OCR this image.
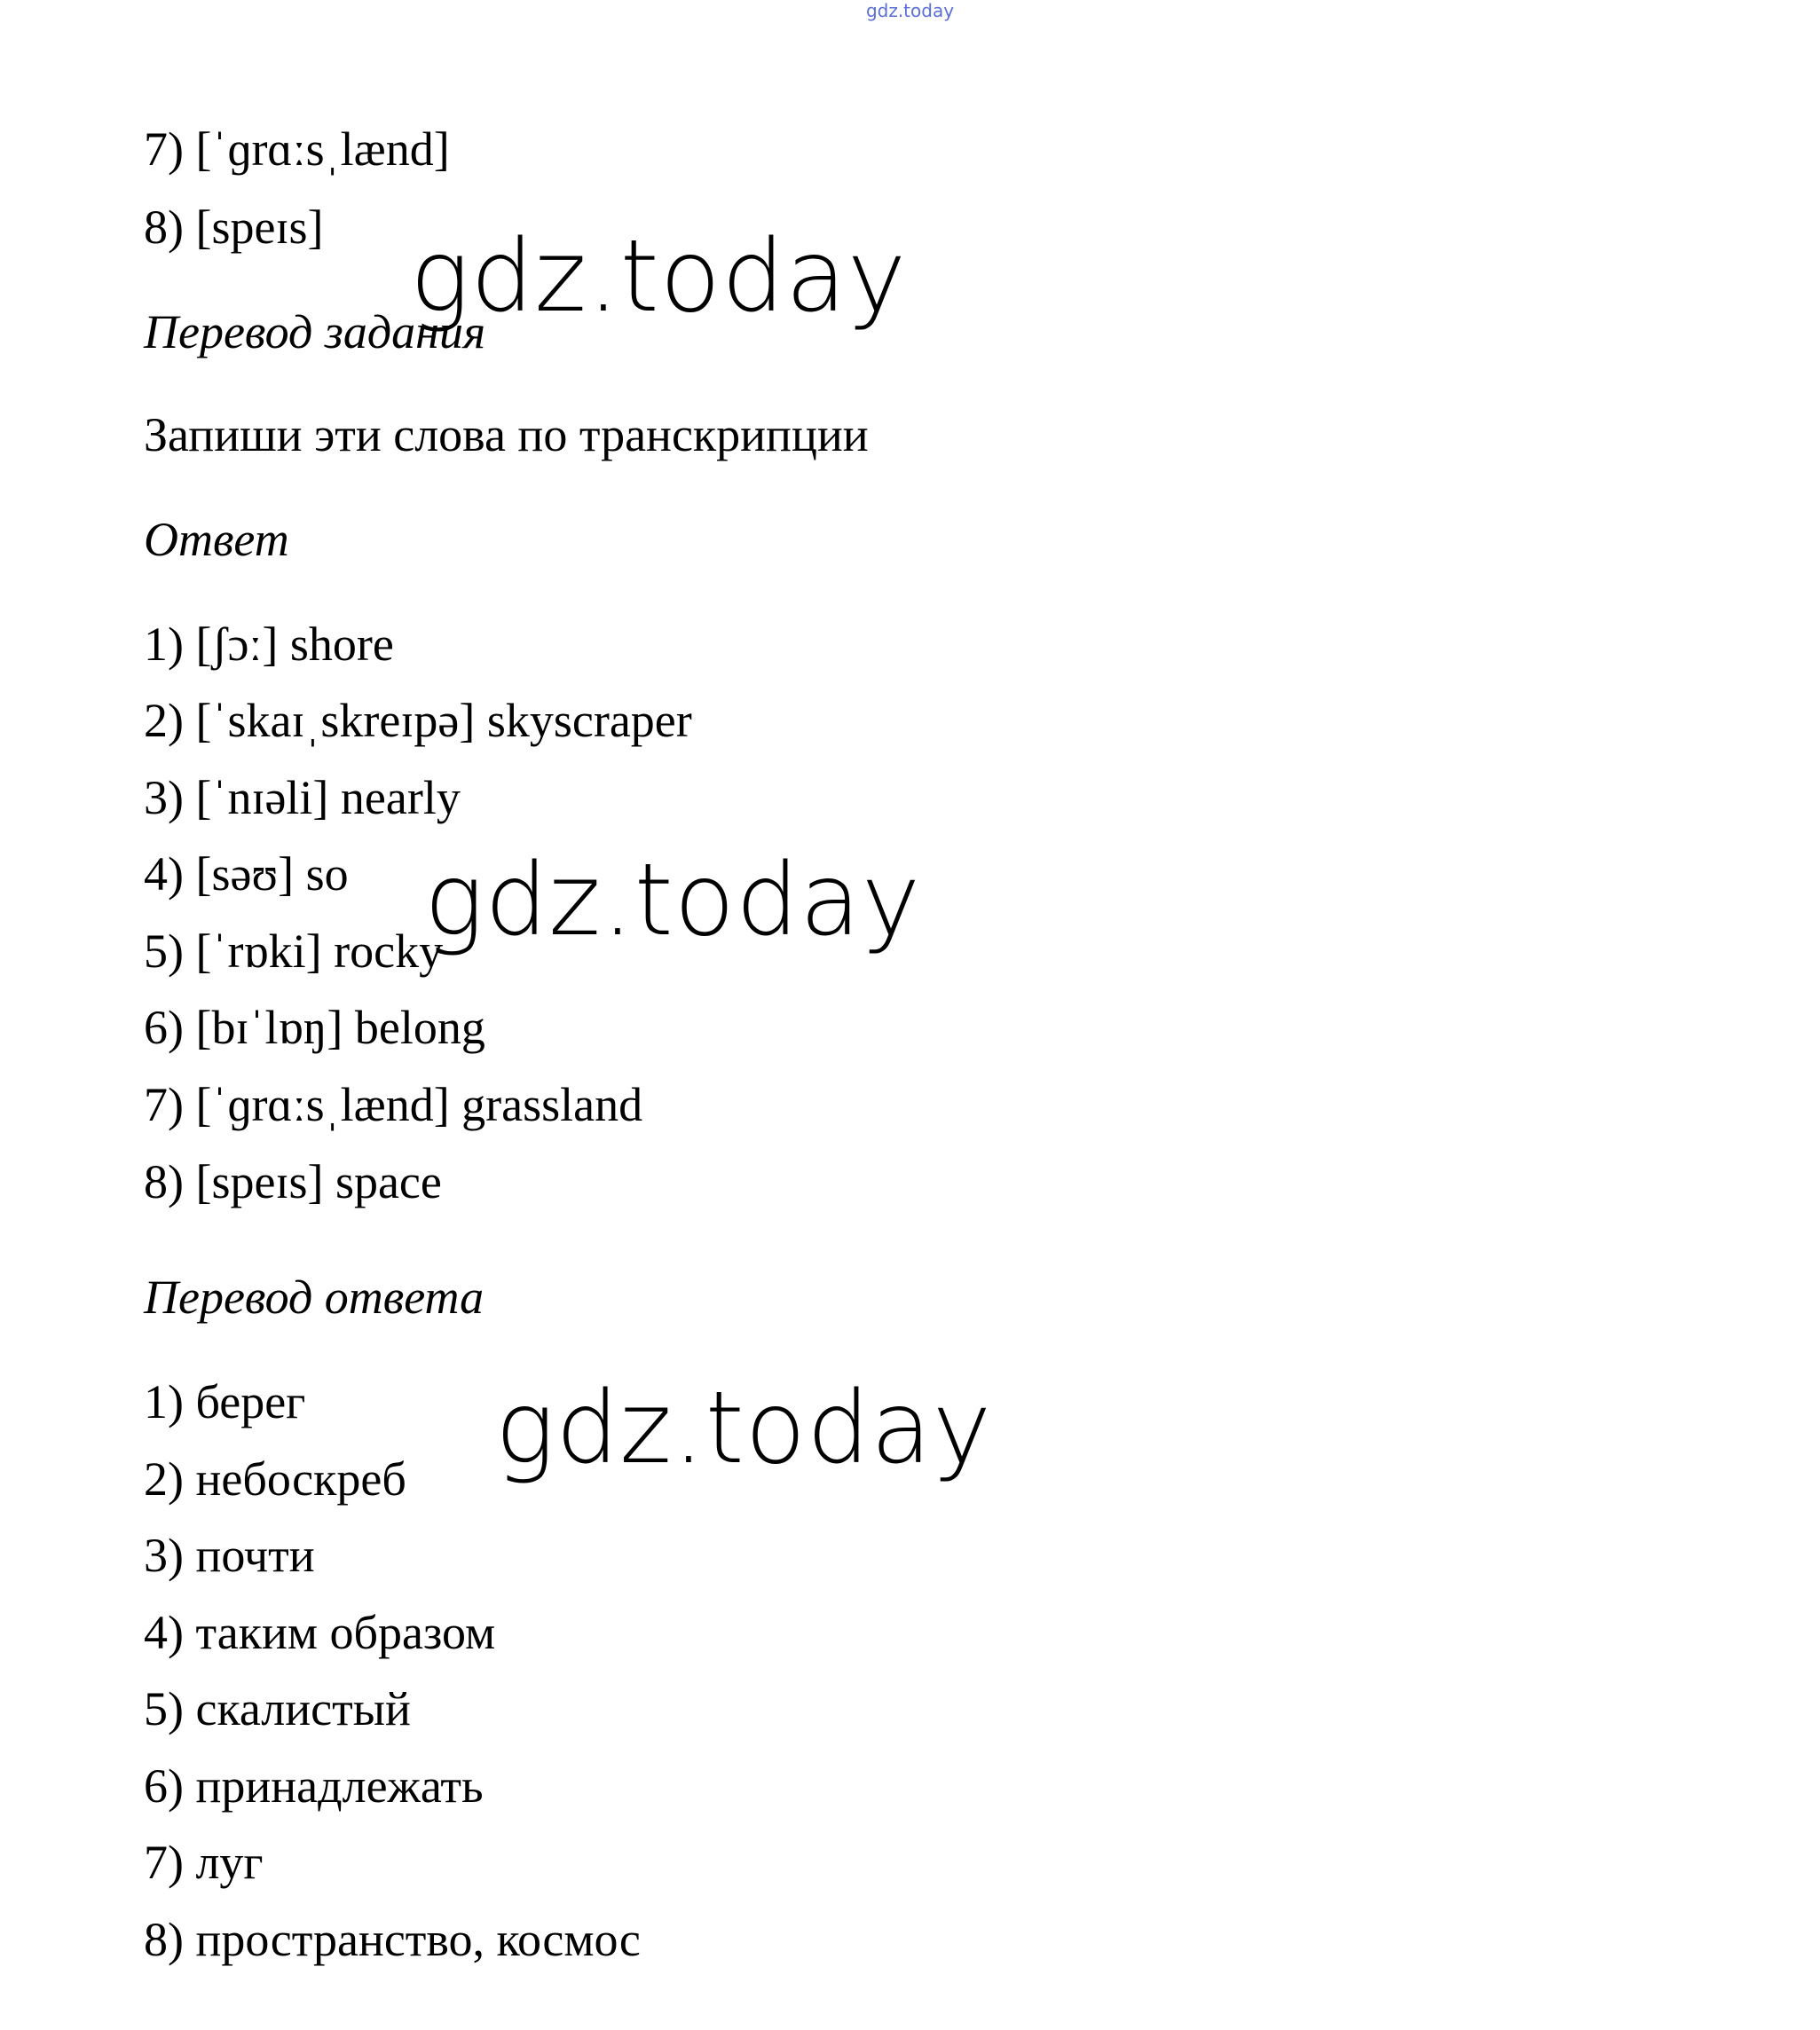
gdz.today
7) [ˈɡrɑːsˌlænd]
8) [speɪs]
Перевод задания
Запиши эти слова по транскрипции
Ответ
1) [ʃɔː] shore
2) [ˈskaɪˌskreɪpə] skyscraper
3) [ˈnɪəli] nearly
4) [səʊ] so
5) [ˈrɒki] rocky
6) [bɪˈlɒŋ] belong
7) [ˈɡrɑːsˌlænd] grassland
8) [speɪs] space
Перевод ответа
1) берег
2) небоскреб
3) почти
4) таким образом
5) скалистый
6) принадлежать
7) луг
8) пространство, космос
gdz.today
gdz.today
gdz.today
